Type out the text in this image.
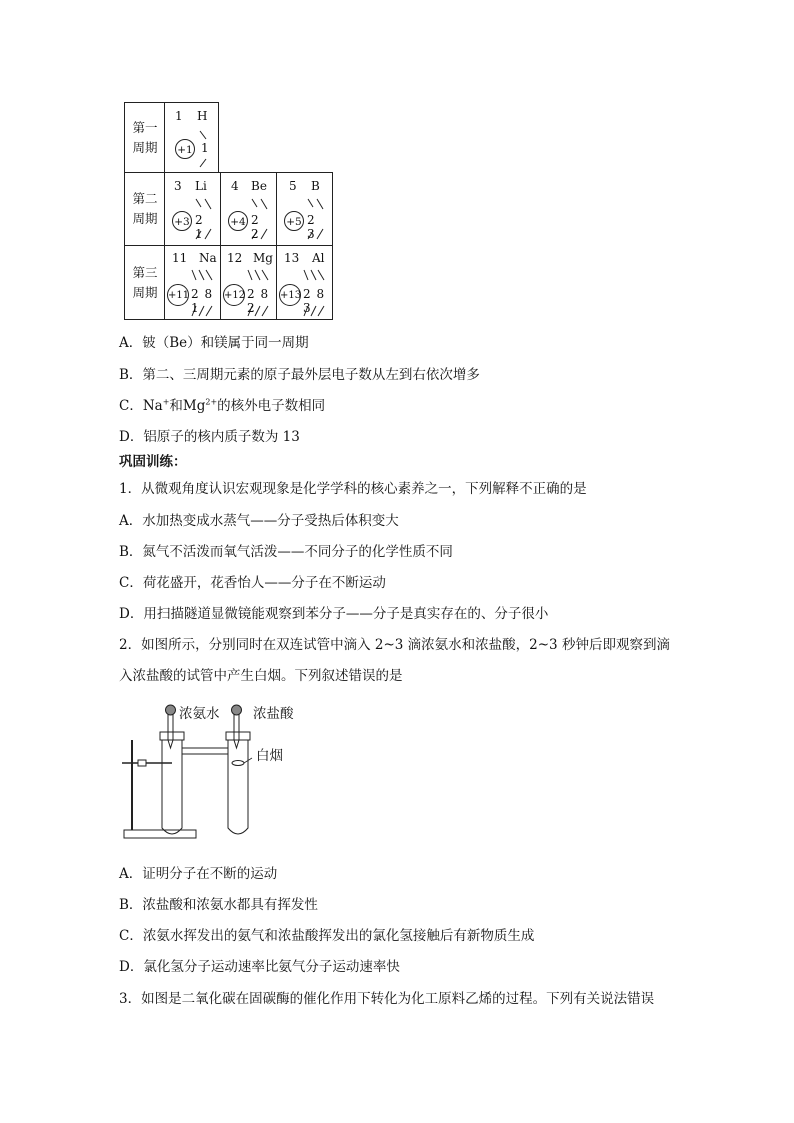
第一
周期
第二
周期
第三
周期
1 H
+1 1
3 Li
+3 2 1
4 Be
+4 2 2
5 B
+5 2 3
11 Na
+11 2 8 1
12 Mg
+12 2 8 2
13 Al
+13 2 8 3
A．铍（Be）和镁属于同一周期
B．第二、三周期元素的原子最外层电子数从左到右依次增多
C．Na+和$Mg^{2+}$的核外电子数相同
D．铝原子的核内质子数为 13
巩固训练：
1．从微观角度认识宏观现象是化学学科的核心素养之一，下列解释不正确的是
A．水加热变成水蒸气——分子受热后体积变大
B．氮气不活泼而氧气活泼——不同分子的化学性质不同
C．荷花盛开，花香怡人——分子在不断运动
D．用扫描隧道显微镜能观察到苯分子——分子是真实存在的、分子很小
2．如图所示，分别同时在双连试管中滴入 2~3 滴浓氨水和浓盐酸，2~3 秒钟后即观察到滴
入浓盐酸的试管中产生白烟。下列叙述错误的是
浓氨水 浓盐酸
白烟
A．证明分子在不断的运动
B．浓盐酸和浓氨水都具有挥发性
C．浓氨水挥发出的氨气和浓盐酸挥发出的氯化氢接触后有新物质生成
D．氯化氢分子运动速率比氨气分子运动速率快
3．如图是二氧化碳在固碳酶的催化作用下转化为化工原料乙烯的过程。下列有关说法错误
